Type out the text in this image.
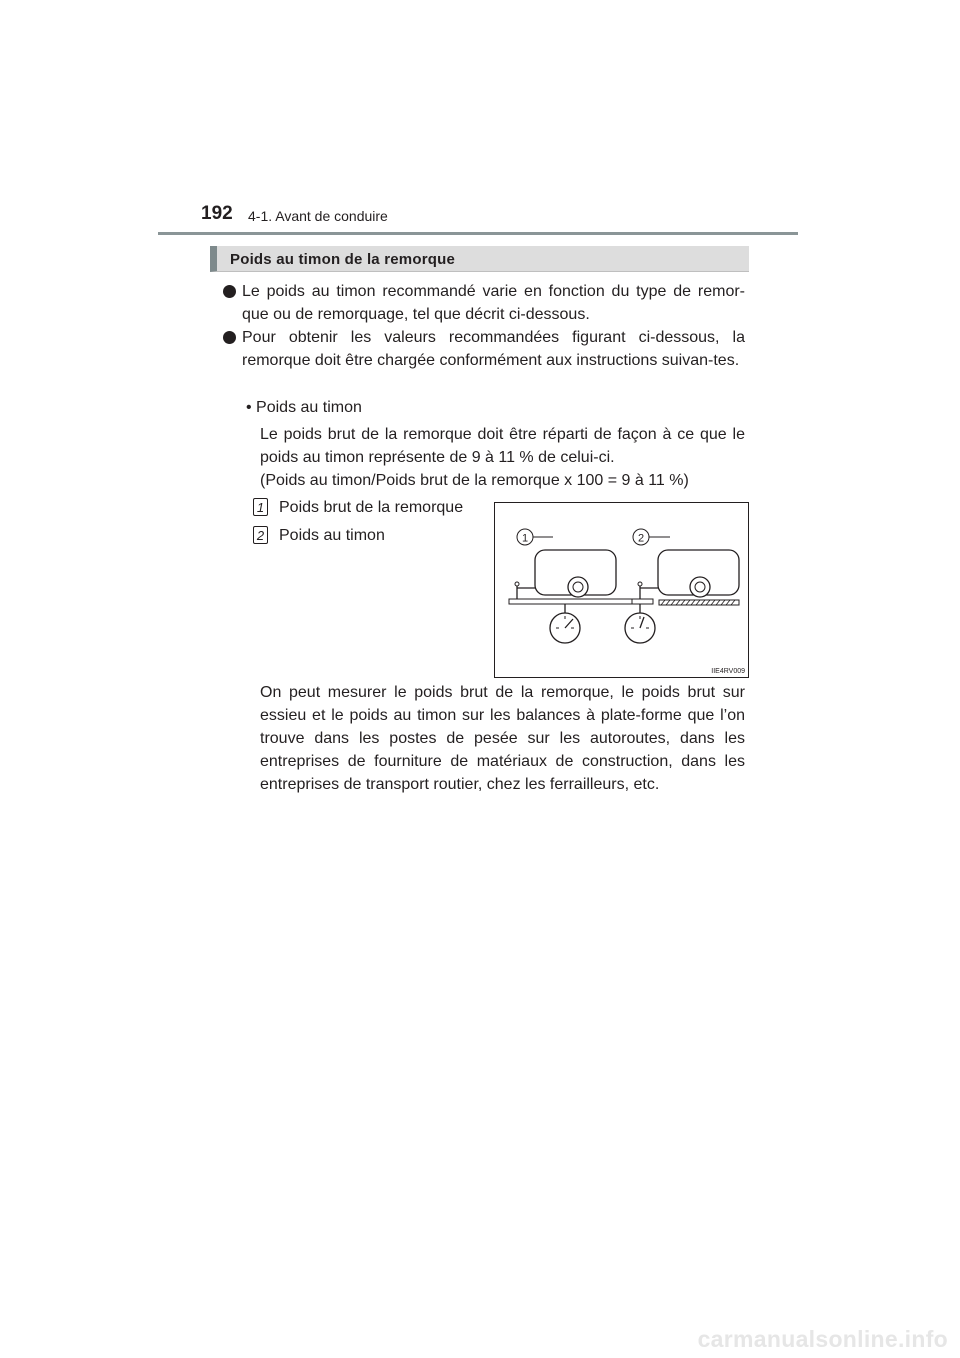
192 4-1. Avant de conduire
Poids au timon de la remorque
Le poids au timon recommandé varie en fonction du type de remor-que ou de remorquage, tel que décrit ci-dessous.
Pour obtenir les valeurs recommandées figurant ci-dessous, la remorque doit être chargée conformément aux instructions suivan-tes.
• Poids au timon
Le poids brut de la remorque doit être réparti de façon à ce que le poids au timon représente de 9 à 11 % de celui-ci.
(Poids au timon/Poids brut de la remorque x 100 = 9 à 11 %)
1 Poids brut de la remorque
2 Poids au timon	1	2
IIE4RV009
On peut mesurer le poids brut de la remorque, le poids brut sur essieu et le poids au timon sur les balances à plate-forme que l’on trouve dans les postes de pesée sur les autoroutes, dans les entreprises de fourniture de matériaux de construction, dans les entreprises de transport routier, chez les ferrailleurs, etc.
carmanualsonline.info
